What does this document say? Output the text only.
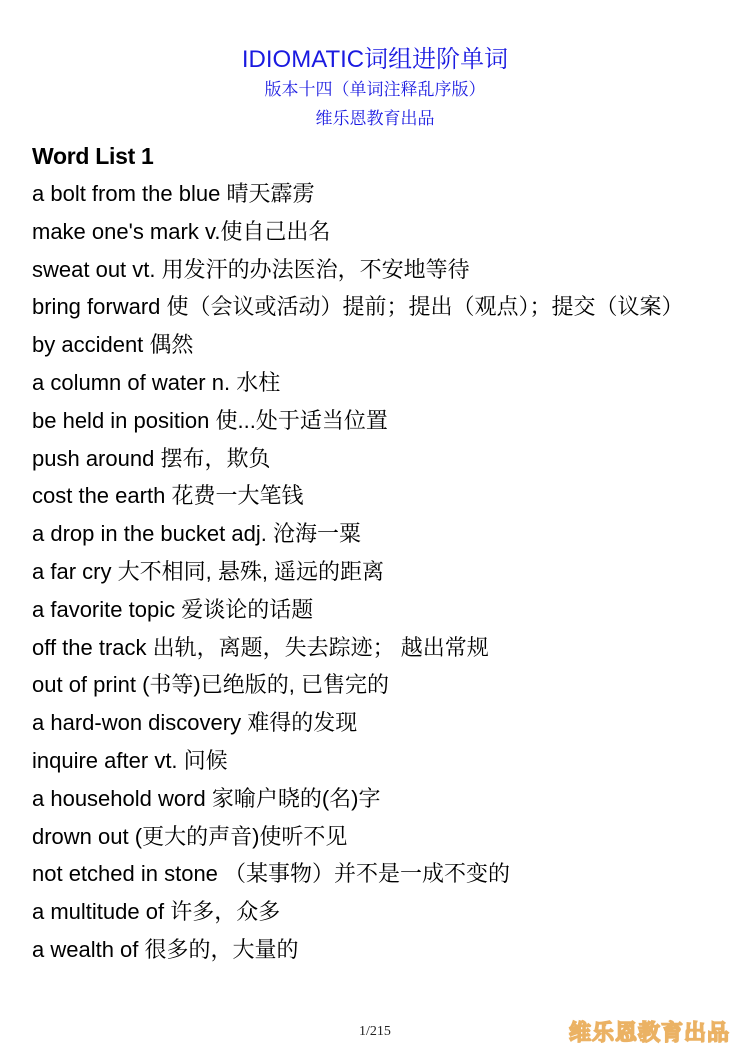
IDIOMATIC词组进阶单词
版本十四（单词注释乱序版）
维乐恩教育出品
Word List 1
a bolt from the blue 晴天霹雳
make one's mark v.使自己出名
sweat out vt. 用发汗的办法医治，不安地等待
bring forward 使（会议或活动）提前；提出（观点）；提交（议案）
by accident 偶然
a column of water n. 水柱
be held in position 使...处于适当位置
push around 摆布，欺负
cost the earth 花费一大笔钱
a drop in the bucket adj. 沧海一粟
a far cry 大不相同, 悬殊, 遥远的距离
a favorite topic 爱谈论的话题
off the track 出轨，离题，失去踪迹； 越出常规
out of print (书等)已绝版的, 已售完的
a hard-won discovery 难得的发现
inquire after vt. 问候
a household word 家喻户晓的(名)字
drown out (更大的声音)使听不见
not etched in stone （某事物）并不是一成不变的
a multitude of 许多，众多
a wealth of 很多的，大量的
1/215	维乐恩教育出品
